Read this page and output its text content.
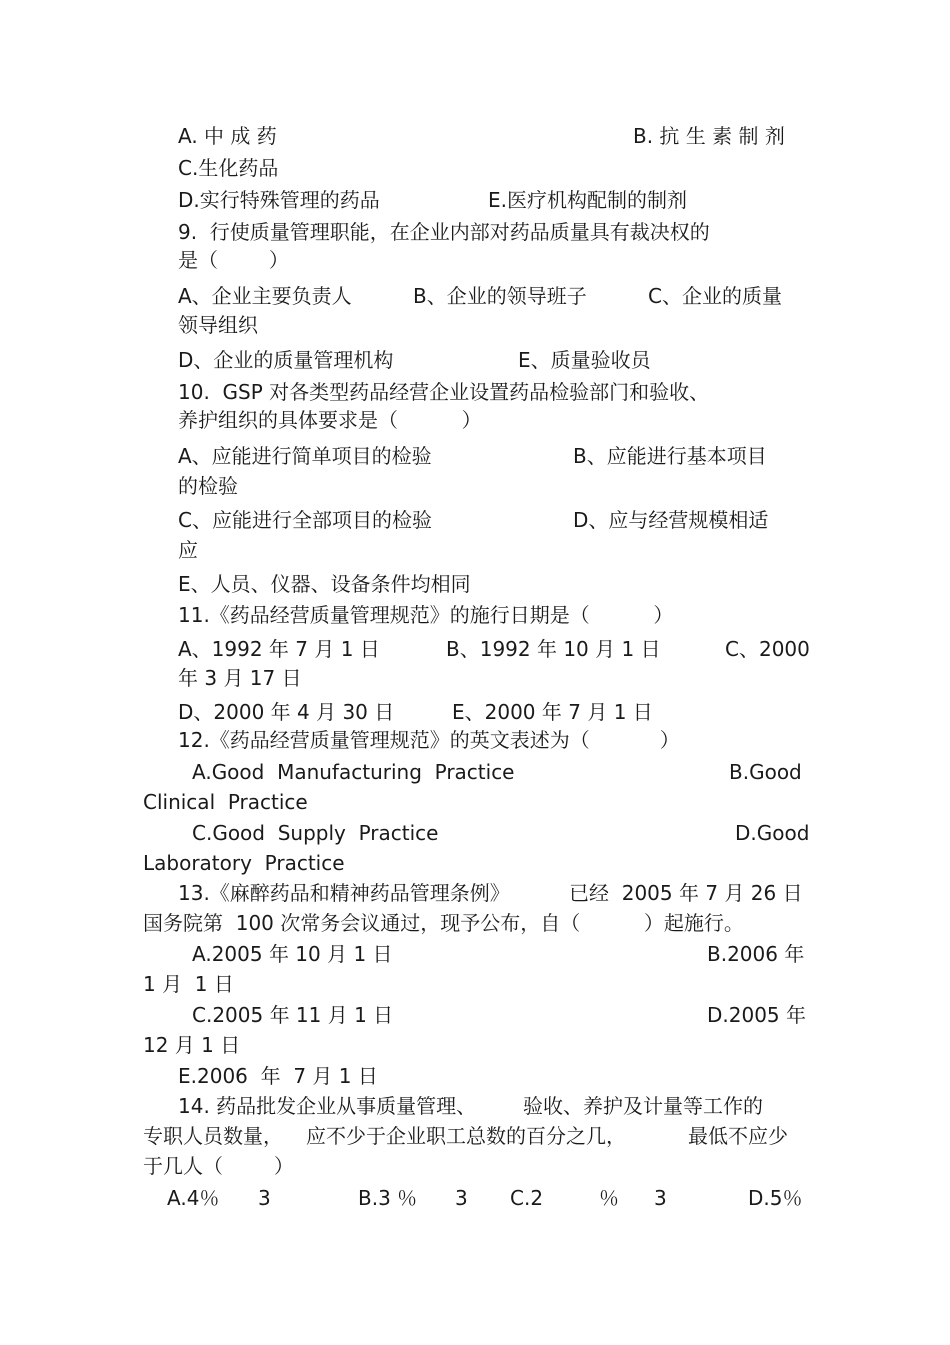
A. 中 成 药	B. 抗 生 素 制 剂
C.生化药品
D.实行特殊管理的药品	E.医疗机构配制的制剂
9.  行使质量管理职能，在企业内部对药品质量具有裁决权的
是（        ）
A、企业主要负责人	B、企业的领导班子	C、企业的质量
领导组织
D、企业的质量管理机构	E、质量验收员
10.  GSP 对各类型药品经营企业设置药品检验部门和验收、
养护组织的具体要求是（          ）
A、应能进行简单项目的检验	B、应能进行基本项目
的检验
C、应能进行全部项目的检验	D、应与经营规模相适
应
E、人员、仪器、设备条件均相同
11.《药品经营质量管理规范》的施行日期是（          ）
A、1992 年 7 月 1 日	B、1992 年 10 月 1 日	C、2000
年 3 月 17 日
D、2000 年 4 月 30 日	E、2000 年 7 月 1 日
12.《药品经营质量管理规范》的英文表述为（           ）
A.Good  Manufacturing  Practice	B.Good
Clinical  Practice
C.Good  Supply  Practice	D.Good
Laboratory  Practice
13.《麻醉药品和精神药品管理条例》	已经  2005 年 7 月 26 日
国务院第  100 次常务会议通过，现予公布，自（          ）起施行。
A.2005 年 10 月 1 日	B.2006 年
1 月  1 日
C.2005 年 11 月 1 日	D.2005 年
12 月 1 日
E.2006  年  7 月 1 日
14. 药品批发企业从事质量管理、 验收、养护及计量等工作的
专职人员数量， 应不少于企业职工总数的百分之几，	最低不应少
于几人（        ）
A.4％ 3	B.3 ％ 3 C.2	％ 3	D.5％
